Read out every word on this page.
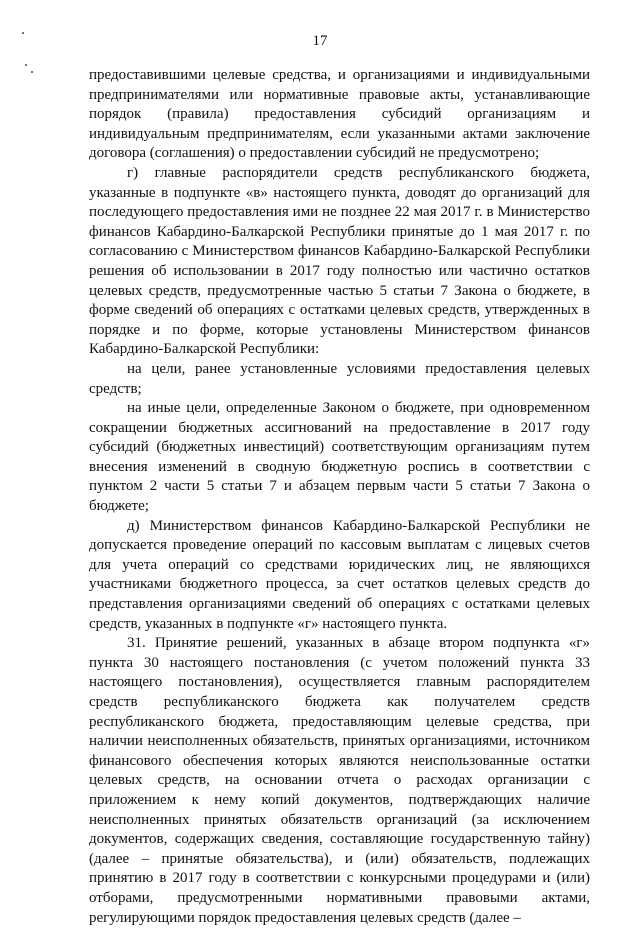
17

предоставившими целевые средства, и организациями и индивидуальными предпринимателями или нормативные правовые акты, устанавливающие порядок (правила) предоставления субсидий организациям и индивидуальным предпринимателям, если указанными актами заключение договора (соглашения) о предоставлении субсидий не предусмотрено;

г) главные распорядители средств республиканского бюджета, указанные в подпункте «в» настоящего пункта, доводят до организаций для последующего предоставления ими не позднее 22 мая 2017 г. в Министерство финансов Кабардино-Балкарской Республики принятые до 1 мая 2017 г. по согласованию с Министерством финансов Кабардино-Балкарской Республики решения об использовании в 2017 году полностью или частично остатков целевых средств, предусмотренные частью 5 статьи 7 Закона о бюджете, в форме сведений об операциях с остатками целевых средств, утвержденных в порядке и по форме, которые установлены Министерством финансов Кабардино-Балкарской Республики:

на цели, ранее установленные условиями предоставления целевых средств;

на иные цели, определенные Законом о бюджете, при одновременном сокращении бюджетных ассигнований на предоставление в 2017 году субсидий (бюджетных инвестиций) соответствующим организациям путем внесения изменений в сводную бюджетную роспись в соответствии с пунктом 2 части 5 статьи 7 и абзацем первым части 5 статьи 7 Закона о бюджете;

д) Министерством финансов Кабардино-Балкарской Республики не допускается проведение операций по кассовым выплатам с лицевых счетов для учета операций со средствами юридических лиц, не являющихся участниками бюджетного процесса, за счет остатков целевых средств до представления организациями сведений об операциях с остатками целевых средств, указанных в подпункте «г» настоящего пункта.

31. Принятие решений, указанных в абзаце втором подпункта «г» пункта 30 настоящего постановления (с учетом положений пункта 33 настоящего постановления), осуществляется главным распорядителем средств республиканского бюджета как получателем средств республиканского бюджета, предоставляющим целевые средства, при наличии неисполненных обязательств, принятых организациями, источником финансового обеспечения которых являются неиспользованные остатки целевых средств, на основании отчета о расходах организации с приложением к нему копий документов, подтверждающих наличие неисполненных принятых обязательств организаций (за исключением документов, содержащих сведения, составляющие государственную тайну) (далее – принятые обязательства), и (или) обязательств, подлежащих принятию в 2017 году в соответствии с конкурсными процедурами и (или) отборами, предусмотренными нормативными правовыми актами, регулирующими порядок предоставления целевых средств (далее –
